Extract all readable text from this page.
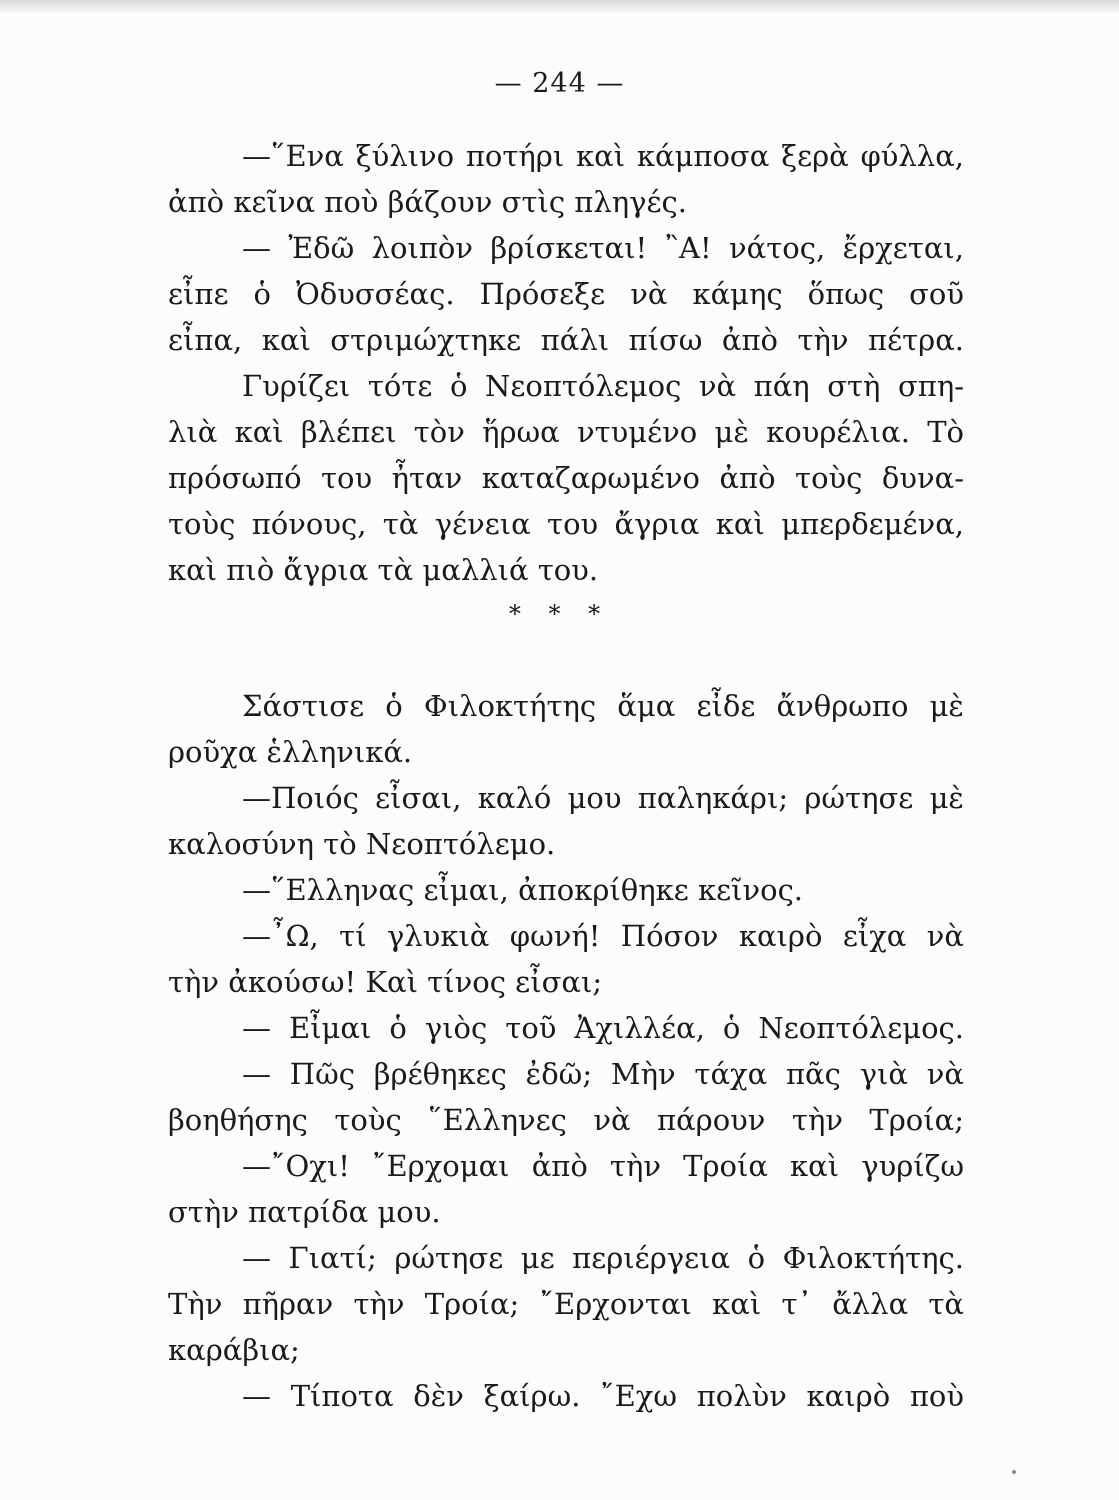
— 244 —
—῞Ενα ξύλινο ποτήρι καὶ κάμποσα ξερὰ φύλλα,
ἀπὸ κεῖνα ποὺ βάζουν στὶς πληγές.
— Ἐδῶ λοιπὸν βρίσκεται! ῍Α! νάτος, ἔρχεται,
εἶπε ὁ Ὀδυσσέας. Πρόσεξε νὰ κάμης ὅπως σοῦ
εἶπα, καὶ στριμώχτηκε πάλι πίσω ἀπὸ τὴν πέτρα.
Γυρίζει τότε ὁ Νεοπτόλεμος νὰ πάη στὴ σπη-
λιὰ καὶ βλέπει τὸν ἥρωα ντυμένο μὲ κουρέλια. Τὸ
πρόσωπό του ἦταν καταζαρωμένο ἀπὸ τοὺς δυνα-
τοὺς πόνους, τὰ γένεια του ἄγρια καὶ μπερδεμένα,
καὶ πιὸ ἄγρια τὰ μαλλιά του.
* * *
Σάστισε ὁ Φιλοκτήτης ἅμα εἶδε ἄνθρωπο μὲ
ροῦχα ἑλληνικά.
—Ποιός εἶσαι, καλό μου παληκάρι; ρώτησε μὲ
καλοσύνη τὸ Νεοπτόλεμο.
—῞Ελληνας εἶμαι, ἀποκρίθηκε κεῖνος.
—῏Ω, τί γλυκιὰ φωνή! Πόσον καιρὸ εἶχα νὰ
τὴν ἀκούσω! Καὶ τίνος εἶσαι;
— Εἶμαι ὁ γιὸς τοῦ Ἀχιλλέα, ὁ Νεοπτόλεμος.
— Πῶς βρέθηκες ἐδῶ; Μὴν τάχα πᾶς γιὰ νὰ
βοηθήσης τοὺς ῞Ελληνες νὰ πάρουν τὴν Τροία;
—῎Οχι! ῎Ερχομαι ἀπὸ τὴν Τροία καὶ γυρίζω
στὴν πατρίδα μου.
— Γιατί; ρώτησε με περιέργεια ὁ Φιλοκτήτης.
Τὴν πῆραν τὴν Τροία; ῎Ερχονται καὶ τ᾽ ἄλλα τὰ
καράβια;
— Τίποτα δὲν ξαίρω. ῎Εχω πολὺν καιρὸ ποὺ
